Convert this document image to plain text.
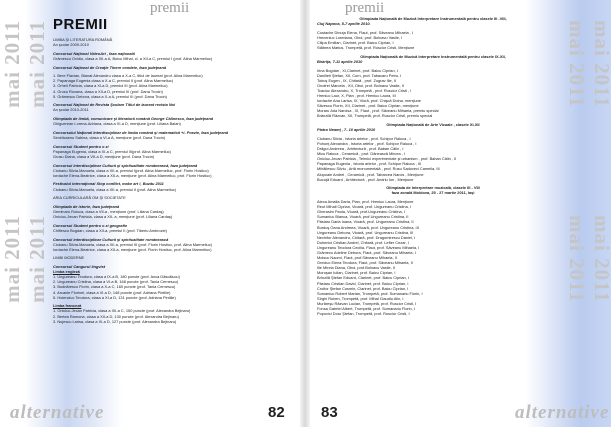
premii
mai 2011
mai 2011
mai 2011
mai 2011
PREMII
LIMBA ŞI LITERATURA ROMÂNĂ
An şcolar 2009-2010
Concursul Naţional VideoArt , faza naţională
Grămescu Ovidiu, clasa a XII-a A, Boicu Mihai, cl. a XII-a C, premiul I (prof. Alina Marmeliuc)
Concursul Naţional de Creaţie Tinere condeie, faza judeţeană
1. Bere Flavian, Bianat Alexandru clasa a X-a C, titlul de laureat (prof. Alina Marmeliuc)
2. Papanaga Eugenia clasa a X-a C, premiul II (prof. Alina Marmeliuc)
3. Orheii Patricia, clasa a XI-a D, premiul III (prof. Alina Marmeliuc)
4. Grosu Roxana, clasa a XII-a D, premiul III (prof. Dana Trocin)
5. Grămescu Debora, clasa a X-a A, premiul III (prof. Dana Trocin)
Concursul Naţional de Revista Şcolare Titlul de laureat revista Noi
An şcolar 2010-2011
Olimpiada de limbă, comunicare şi literatură română George Călinescu, faza judeţeană
Ghiguerean Lorena-Adriana, clasa a XI-a D, menţiune (prof. Liliana Balan)
Concursului Naţional Interdisciplinar de limba română şi matematică +/- Poezie, faza judeţeană
Simirlicaenu Sabina, clasa a VI-a A, menţiune (prof. Dana Trocin)
Concursul Student pentru o zi
Papanaga Eugenia, clasa a XI-a C, premiul III(prof. Alina Marmeliuc)
Grosu Diana, clasa a VII-a D, menţiune (prof. Dana Trocin)
Concursul interdisciplinar Cultură şi spiritualitate românească, faza judeţeană
Ciobanu Silvia-Manuela, clasa a XII-a, premiul I(prof. Alina Marmeliuc, prof. Florin Hostiuc)
Iordache Elena-Beatrice, clasa a XII-a, menţiune (prof. Alina Marmeliuc, prof. Florin Hostiuc)
Festivalul internaţional Stop conflict, make art !, Buzău 2011
Ciobanu Silvia-Manuela, clasa a XII-a, premiul II (prof. Alina Marmeliuc)
ARIA CURRICULARĂ OM ŞI SOCIETATE
Olimpiada de istorie, faza judeţeană
Geminaru Roluca, clasa a VII-a , menţiune (prof. Liliana Cardaş)
Onicluc-Jecan Patricia, clasa a XII- a, menţiune (prof. Liliana Cardaş)
Concursul Student pentru o zi geografie
Chifiescu Bogdan, clasa a XII-a, premiul II (prof. Tiberiu Ambrozie)
Concursul interdisciplinar Cultură şi spiritualitate românească
Ciobanu Silvia-Manuela, clasa a XII-a, premiul III (prof. Florin Hostiuc, prof. Alina Marmeliuc)
Iordache Elena-Beatrice, clasa a XII-a, menţiune (prof. Florin Hostiuc, prof. Alina Marmeliuc)
LIMBI MODERNE
Concursul Cangurul lingvist
Limba engleză
1. Ungureanu Teodora, clasa a IX-a B, 180 puncte (prof. Anca Dăscălucu)
2. Ungureanu Cristina, clasa a VI-a B, 168 puncte (prof. Tania Cernescu)
3. Bodnărescu Florin, clasa a X-a C, 160 puncte (prof. Tania Cernescu)
4. Arcanie Florinel, clasa a VI-a D, 148 puncte (prof. Adriana Pintilie)
5. Holenciuc Teodora, clasa a XI-a D, 131 puncte (prof. Adriana Pintilie)
Limba franceză
1. Onicluc-Jecan Patricia, clasa a XII-a C, 150 puncte (prof. Alexandra Bejinaru)
2. Bertea Ramona, clasa a XII-a D, 130 puncte (prof. Alexandra Bejinaru)
3. Nujescu Larisa, clasa a XI-a D, 127 puncte (prof. Alexandra Bejinaru)
alternative	82
premii
Olimpiada Naţională de Muzică Interpretare Instrumentală pentru clasele III -VIII,
Cluj Napoca, 5-7 aprilie 2010.
Costache Dinuţa Elena, Flaut, prof. Săveanu Mihaela , I
Hreceniuc Loredana, Oboi, prof. Bolnavu Vasile, I
Cilipa Emilian, Clarinet, prof. Baicu Ciprian, I
Stăbrea Marius, Trompetă, prof. Ruscior Cristi, Menţiune
Olimpiada Naţională de Muzică Interpretare Instrumentală pentru clasele IX-XII,
Bistriţa, 7-11 aprilie 2010
Irina Bogdan , XI,Clarinet, prof. Baicu Ciprian, I
Danilleti Ştefan, XII, Corn, prof. Tabacaru Petru, I
Tobuş Eugen , IX, Chitară , prof. Zugrav Ilie, II
Onofrei Marcela , XII, Oboi, prof. Bolnavu Vasile, II
Tcaciuc Alexandru, X, Trompetă , prof. Ruscior Cristi , I
Hreniuc Laur, X, Pian , prof. Hreniuc Laura, III
Iordache Ana Larisa, IX, Vioră, prof. Chişcă Doina, menţiune
Săvescu Florin, XII, Clarinet , prof. Baicu Ciprian, menţiune
Moraru Ada Narcisa , XI, Flaut , prof. Săveanu Mihaela, premiu special
Brânzilă Răzvan, XII, Trompetă, prof. Ruscior Cristi, premiu special
Olimpiada Naţională de Arte Vizuale , clasele XI-XII
Piatra Neamţ , 7- 10 aprilie 2010
Ciobanu Silvia , Istoria artelor , prof. Schipor Raluca , I
Pohonţ Alexandra , Istoria artelor , prof. Schipor Raluca , I
Drăgoi Andreea , Arhitectură , prof. Baban Călin , I
Micu Raluca , Ceramică , prof. Dănească Mircea , I
Onicluc-Jecan Patricia , Tehnici experimentale şi urbanism , prof. Baban Călin , II
Papanaga Eugenia , Istoria artelor , prof. Schipor Raluca , III
Mihăilescu Silviu , Artă monumentală , prof. Rusu Sadoveci Camelia, III
Alupoaie Andrei , Ceramică , prof. Tabarcea Narcis , Menţiune
Bucuţă Eduard , Arhitectură , prof. Andriu Ion , Menţiune
Olimpiada de Interpretare muzicală, clasele III - VIII
faza zonală Moldova, 25 - 27 martie 2011, Iaşi
Alexa Amalia Daria, Pian, prof. Hreniuc Laura, Menţiune
Reut Mihail Ciprian, Vioară, prof. Ungureanu Cristina, I
Gherasim Paula, Vioară, prof.Ungureanu Cristina, I
Sumaniuc Bianca, Vioară, prof.Ungureanu Cristina, II
Pâslaru Daria Ioana, Vioară, prof. Ungureanu Cristina, II
Burduş Oana Andreea, Vioară, prof. Ungureanu Cristina, III
Ungureanu Debora, Vioară, prof. Ungureanu Cristina, III
Nechifor Alexandru, Chitară, prof. Dragomirescu Daniel, I
Dohenici Cristian Andrei, Chitară, prof. Lefter Cezar, I
Ungureanu Teodora Cecilia, Flaut, prof. Săveanu Mihaela, I
Grămecu Adeline Debora, Flaut, prof. Săveanu Mihaela, I
Moisuc Naomi, Flaut, prof.Săveanu Mihaela, II
Greciuc Elena Teodora, Flaut, prof. Săveanu Mihaela, II
Ilie Mirela Diana, Oboi, prof.Bolnavu Vasile, II
Moroşan Iulian, Clarinet, prof. Baicu Ciprian, I
Brînzilă Ştefan Eduard, Clarinet, prof. Baicu Ciprian, I
Pâslaru Cristian David, Clarinet, prof. Baicu Ciprian, I
Croitor Ştefan Cosmin, Clarinet, prof. Baicu Ciprian, I
Sumaniuc Robert Marian, Trompetă, prof. Sumanariu Florin, I
Sîrghi Ruben, Trompetă, prof. Mihai Claudiu Alin, I
Murăreşu Răzvan Lucian, Trompetă, prof. Ruscior Cristi, I
Fonsa Gabriel Albert, Trompetă, prof. Sumanariu Florin, I
Popovici Doru Ştefan, Trompetă, prof. Ruscior Cristi, I
mai 2011
mai 2011
mai 2011
mai 2011
83	alternative
